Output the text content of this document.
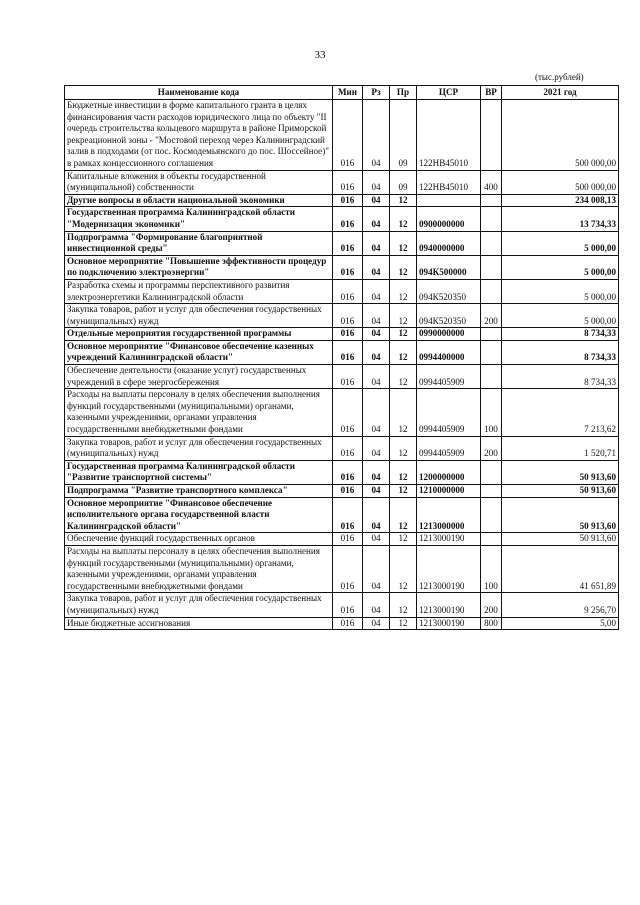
33
(тыс.рублей)
Наименование кода	Мин	Рз	Пр	ЦСР	ВР	2021 год
Бюджетные инвестиции в форме капитального гранта в целях финансирования части расходов юридического лица по объекту "II очередь строительства кольцевого маршрута в районе Приморской рекреационной зоны - "Мостовой переход через Калининградский залив в подходами (от пос. Космодемьянского до пос. Шоссейное)" в рамках концессионного соглашения	016	04	09	122НВ45010		500 000,00
Капитальные вложения в объекты государственной (муниципальной) собственности	016	04	09	122НВ45010	400	500 000,00
Другие вопросы в области национальной экономики	016	04	12			234 008,13
Государственная программа Калининградской области "Модернизация экономики"	016	04	12	0900000000		13 734,33
Подпрограмма "Формирование благоприятной инвестиционной среды"	016	04	12	0940000000		5 000,00
Основное мероприятие "Повышение эффективности процедур по подключению электроэнергии"	016	04	12	094К500000		5 000,00
Разработка схемы и программы перспективного развития электроэнергетики Калининградской области	016	04	12	094К520350		5 000,00
Закупка товаров, работ и услуг для обеспечения государственных (муниципальных) нужд	016	04	12	094К520350	200	5 000,00
Отдельные мероприятия государственной программы	016	04	12	0990000000		8 734,33
Основное мероприятие "Финансовое обеспечение казенных учреждений Калининградской области"	016	04	12	0994400000		8 734,33
Обеспечение деятельности (оказание услуг) государственных учреждений в сфере энергосбережения	016	04	12	0994405909		8 734,33
Расходы на выплаты персоналу в целях обеспечения выполнения функций государственными (муниципальными) органами, казенными учреждениями, органами управления государственными внебюджетными фондами	016	04	12	0994405909	100	7 213,62
Закупка товаров, работ и услуг для обеспечения государственных (муниципальных) нужд	016	04	12	0994405909	200	1 520,71
Государственная программа Калининградской области "Развитие транспортной системы"	016	04	12	1200000000		50 913,60
Подпрограмма "Развитие транспортного комплекса"	016	04	12	1210000000		50 913,60
Основное мероприятие "Финансовое обеспечение исполнительного органа государственной власти Калининградской области"	016	04	12	1213000000		50 913,60
Обеспечение функций государственных органов	016	04	12	1213000190		50 913,60
Расходы на выплаты персоналу в целях обеспечения выполнения функций государственными (муниципальными) органами, казенными учреждениями, органами управления государственными внебюджетными фондами	016	04	12	1213000190	100	41 651,89
Закупка товаров, работ и услуг для обеспечения государственных (муниципальных) нужд	016	04	12	1213000190	200	9 256,70
Иные бюджетные ассигнования	016	04	12	1213000190	800	5,00
